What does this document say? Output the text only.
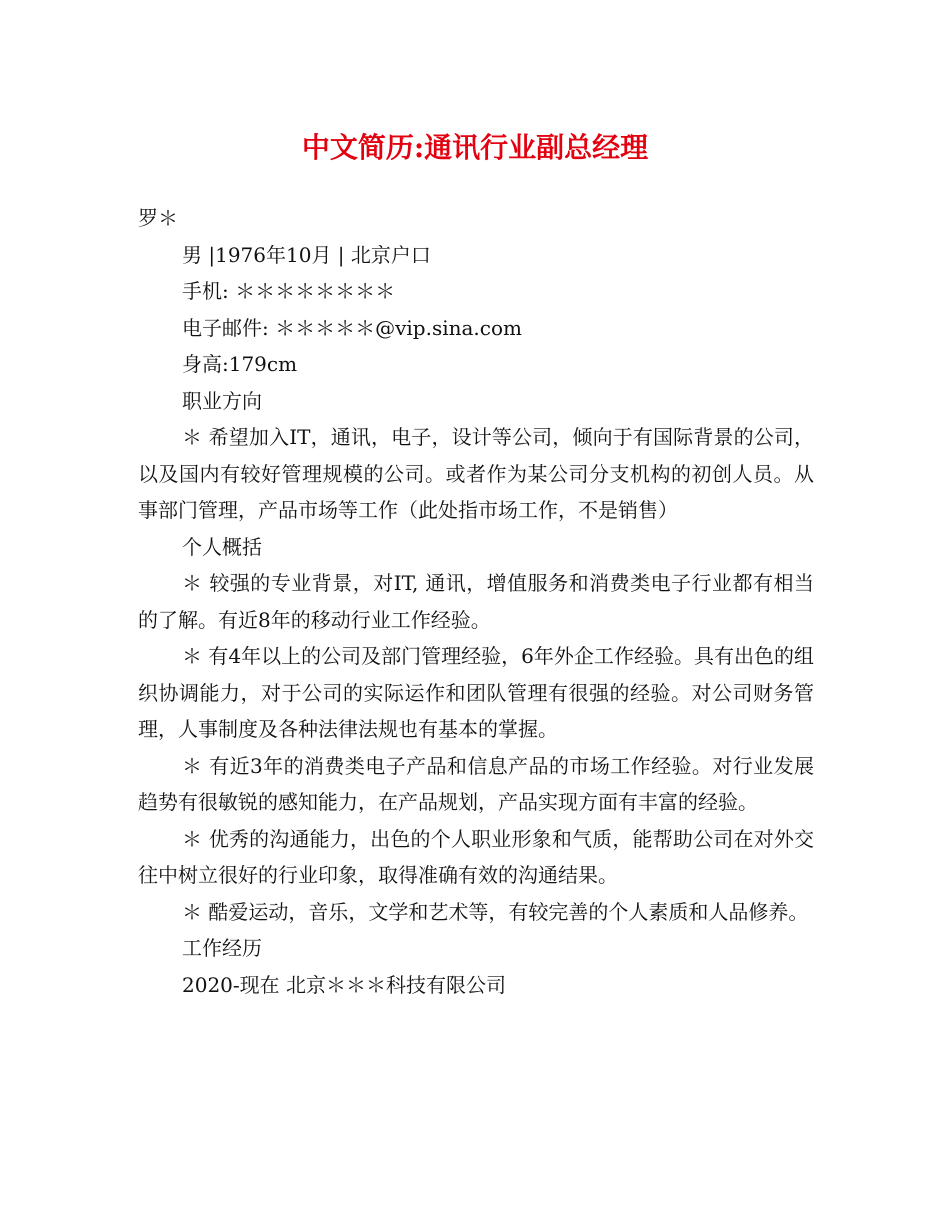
中文简历:通讯行业副总经理

罗＊

男 |1976年10月 | 北京户口

手机: ＊＊＊＊＊＊＊＊

电子邮件: ＊＊＊＊＊@vip.sina.com

身高:179cm

职业方向

＊ 希望加入IT，通讯，电子，设计等公司，倾向于有国际背景的公司，以及国内有较好管理规模的公司。或者作为某公司分支机构的初创人员。从事部门管理，产品市场等工作（此处指市场工作，不是销售）

个人概括

＊ 较强的专业背景，对IT, 通讯，增值服务和消费类电子行业都有相当的了解。有近8年的移动行业工作经验。

＊ 有4年以上的公司及部门管理经验，6年外企工作经验。具有出色的组织协调能力，对于公司的实际运作和团队管理有很强的经验。对公司财务管理，人事制度及各种法律法规也有基本的掌握。

＊ 有近3年的消费类电子产品和信息产品的市场工作经验。对行业发展趋势有很敏锐的感知能力，在产品规划，产品实现方面有丰富的经验。

＊ 优秀的沟通能力，出色的个人职业形象和气质，能帮助公司在对外交往中树立很好的行业印象，取得准确有效的沟通结果。

＊ 酷爱运动，音乐，文学和艺术等，有较完善的个人素质和人品修养。

工作经历

2020-现在 北京＊＊＊科技有限公司
